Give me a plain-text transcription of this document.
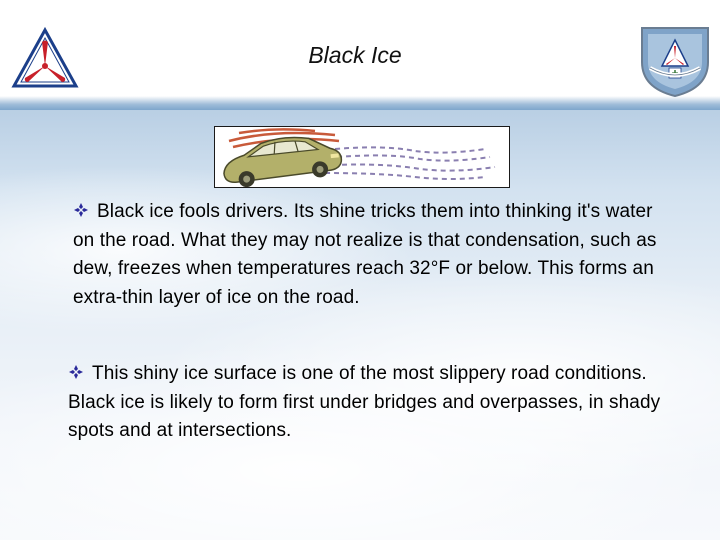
Black Ice
Black ice fools drivers. Its shine tricks them into thinking it's water on the road. What they may not realize is that condensation, such as dew, freezes when temperatures reach 32°F or below. This forms an extra-thin layer of ice on the road.
This shiny ice surface is one of the most slippery road conditions. Black ice is likely to form first under bridges and overpasses, in shady spots and at intersections.
